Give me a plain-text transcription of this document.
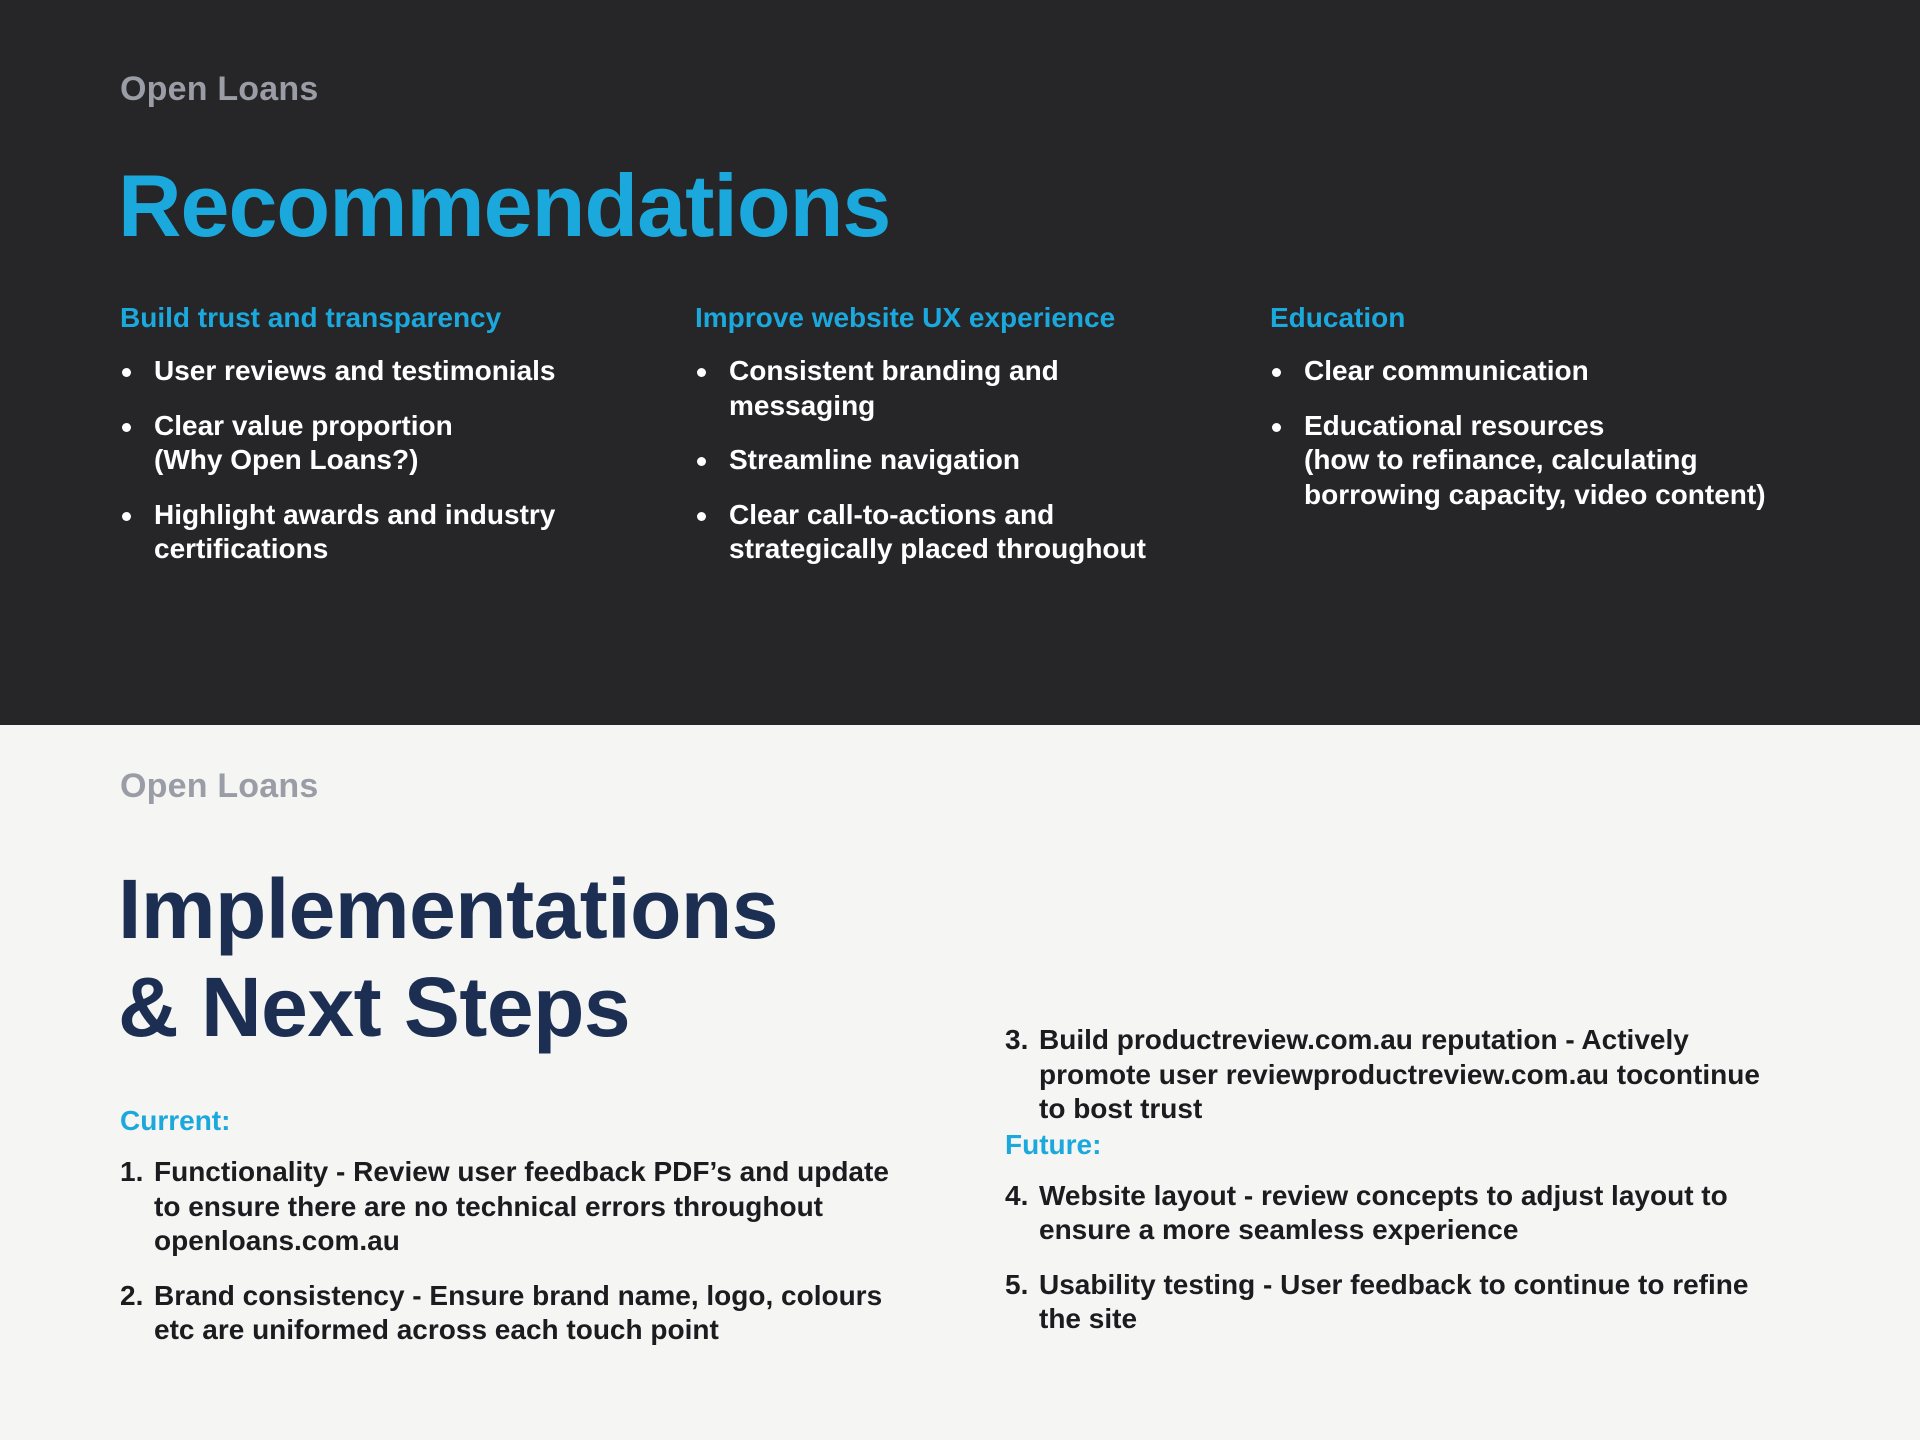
Open Loans
Recommendations
Build trust and transparency
User reviews and testimonials
Clear value proportion
(Why Open Loans?)
Highlight awards and industry
certifications
Improve website UX experience
Consistent branding and
messaging
Streamline navigation
Clear call-to-actions and
strategically placed throughout
Education
Clear communication
Educational resources
(how to refinance, calculating
borrowing capacity, video content)
Open Loans
Implementations
& Next Steps
Current:
1. Functionality - Review user feedback PDF’s and update
to ensure there are no technical errors throughout
openloans.com.au
2. Brand consistency - Ensure brand name, logo, colours
etc are uniformed across each touch point
3. Build productreview.com.au reputation - Actively
promote user reviewproductreview.com.au tocontinue
to bost trust
Future:
4. Website layout - review concepts to adjust layout to
ensure a more seamless experience
5. Usability testing - User feedback to continue to refine
the site
